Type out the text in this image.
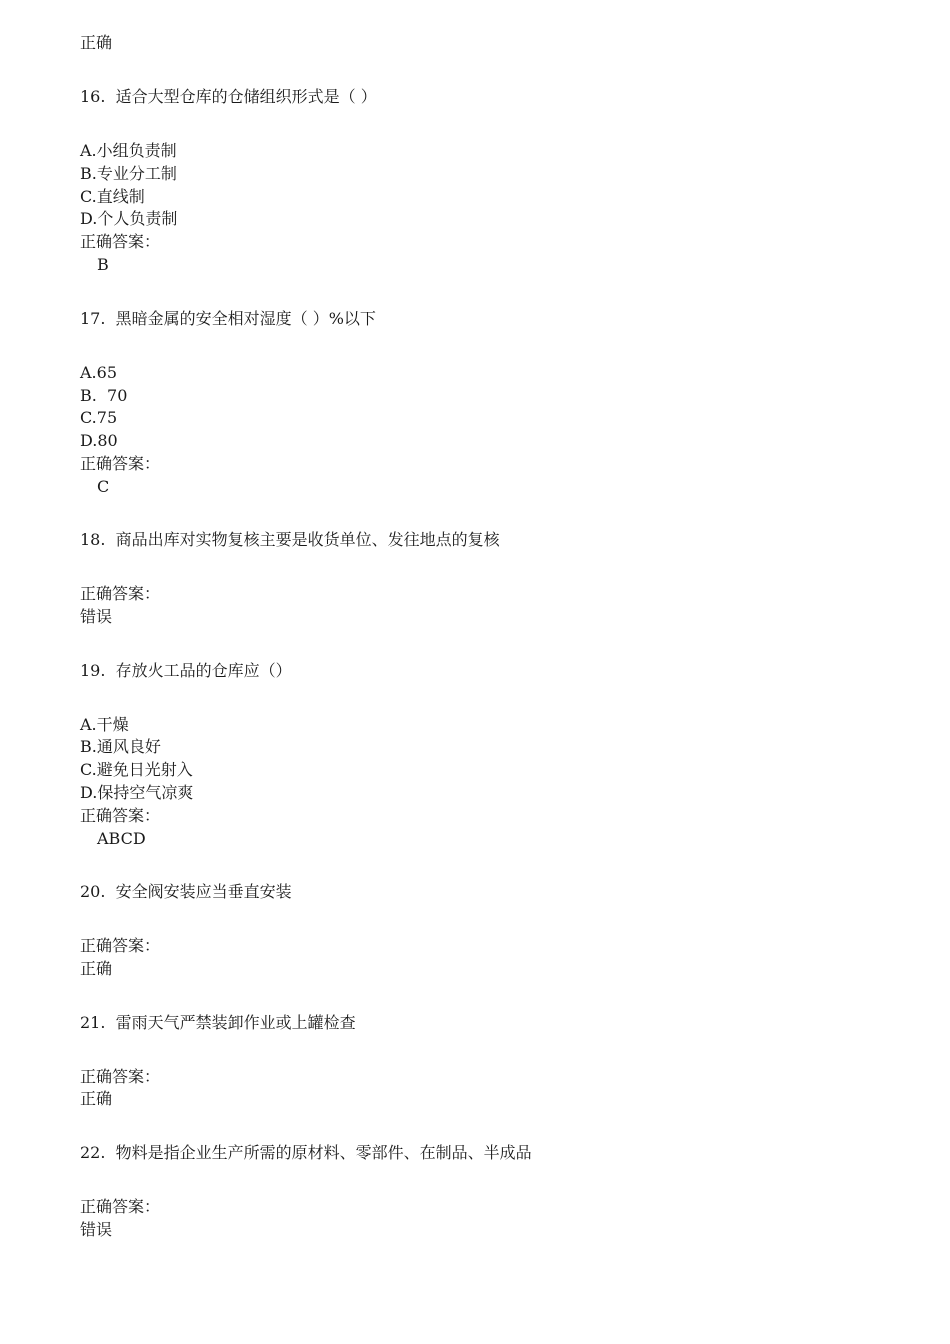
正确
16. 适合大型仓库的仓储组织形式是（ ）
A.小组负责制
B.专业分工制
C.直线制
D.个人负责制
正确答案：
B
17. 黑暗金属的安全相对湿度（ ）%以下
A.65
B.  70
C.75
D.80
正确答案：
C
18. 商品出库对实物复核主要是收货单位、发往地点的复核
正确答案：
错误
19. 存放火工品的仓库应（）
A.干燥
B.通风良好
C.避免日光射入
D.保持空气凉爽
正确答案：
ABCD
20. 安全阀安装应当垂直安装
正确答案：
正确
21. 雷雨天气严禁装卸作业或上罐检查
正确答案：
正确
22. 物料是指企业生产所需的原材料、零部件、在制品、半成品
正确答案：
错误
